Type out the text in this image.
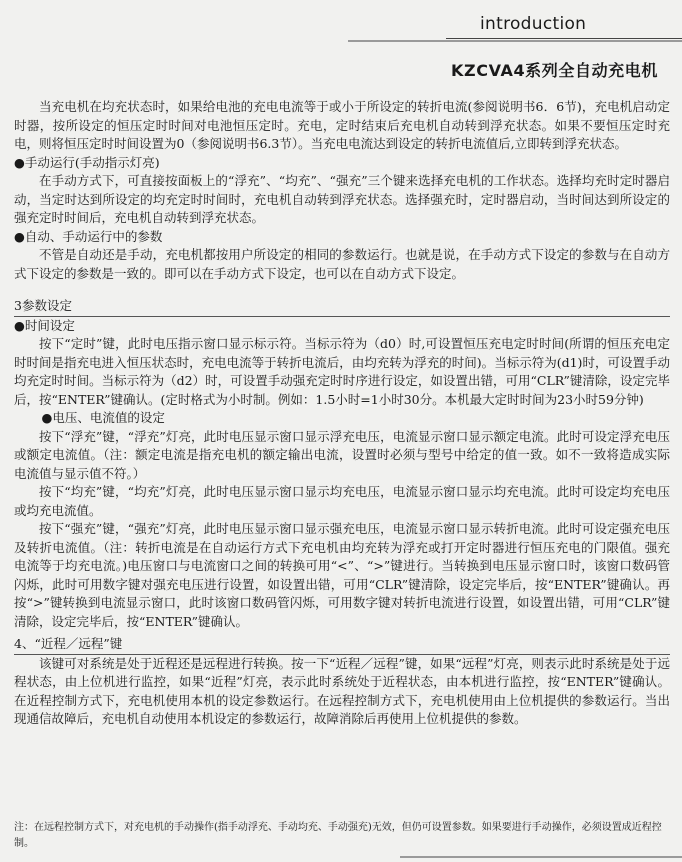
introduction
KZCVA4系列全自动充电机

当充电机在均充状态时，如果给电池的充电电流等于或小于所设定的转折电流(参阅说明书6．6节)，充电机启动定时器，按所设定的恒压定时时间对电池恒压定时。充电，定时结束后充电机自动转到浮充状态。如果不要恒压定时充电，则将恒压定时时间设置为0（参阅说明书6.3节）。当充电电流达到设定的转折电流值后,立即转到浮充状态。

●手动运行(手动指示灯亮)

在手动方式下，可直接按面板上的“浮充”、“均充”、“强充”三个键来选择充电机的工作状态。选择均充时定时器启动，当定时达到所设定的均充定时时间时，充电机自动转到浮充状态。选择强充时，定时器启动，当时间达到所设定的强充定时时间后，充电机自动转到浮充状态。

●自动、手动运行中的参数

不管是自动还是手动，充电机都按用户所设定的相同的参数运行。也就是说，在手动方式下设定的参数与在自动方式下设定的参数是一致的。即可以在手动方式下设定，也可以在自动方式下设定。

3参数设定
●时间设定

按下“定时”键，此时电压指示窗口显示标示符。当标示符为（d0）时,可设置恒压充电定时时间(所谓的恒压充电定时时间是指充电进入恒压状态时，充电电流等于转折电流后，由均充转为浮充的时间)。当标示符为(d1)时，可设置手动均充定时时间。当标示符为（d2）时，可设置手动强充定时时序进行设定，如设置出错，可用“CLR”键清除，设定完毕后，按“ENTER”键确认。(定时格式为小时制。例如：1.5小时=1小时30分。本机最大定时时间为23小时59分钟)

●电压、电流值的设定

按下“浮充”键，“浮充”灯亮，此时电压显示窗口显示浮充电压，电流显示窗口显示额定电流。此时可设定浮充电压或额定电流值。（注：额定电流是指充电机的额定输出电流，设置时必须与型号中给定的值一致。如不一致将造成实际电流值与显示值不符。）

按下“均充”键，“均充”灯亮，此时电压显示窗口显示均充电压，电流显示窗口显示均充电流。此时可设定均充电压或均充电流值。

按下“强充”键，“强充”灯亮，此时电压显示窗口显示强充电压，电流显示窗口显示转折电流。此时可设定强充电压及转折电流值。（注：转折电流是在自动运行方式下充电机由均充转为浮充或打开定时器进行恒压充电的门限值。强充电流等于均充电流。)电压窗口与电流窗口之间的转换可用“<”、“>”键进行。当转换到电压显示窗口时，该窗口数码管闪烁，此时可用数字键对强充电压进行设置，如设置出错，可用“CLR”键清除，设定完毕后，按“ENTER”键确认。再按“>”键转换到电流显示窗口，此时该窗口数码管闪烁，可用数字键对转折电流进行设置，如设置出错，可用“CLR”键清除，设定完毕后，按“ENTER”键确认。

4、“近程／远程”键

该键可对系统是处于近程还是远程进行转换。按一下“近程／远程”键，如果“远程”灯亮，则表示此时系统是处于远程状态，由上位机进行监控，如果“近程”灯亮，表示此时系统处于近程状态，由本机进行监控，按“ENTER”键确认。在近程控制方式下，充电机使用本机的设定参数运行。在远程控制方式下，充电机使用由上位机提供的参数运行。当出现通信故障后，充电机自动使用本机设定的参数运行，故障消除后再使用上位机提供的参数。

注：在远程控制方式下，对充电机的手动操作(指手动浮充、手动均充、手动强充)无效，但仍可设置参数。如果要进行手动操作，必须设置成近程控制。
